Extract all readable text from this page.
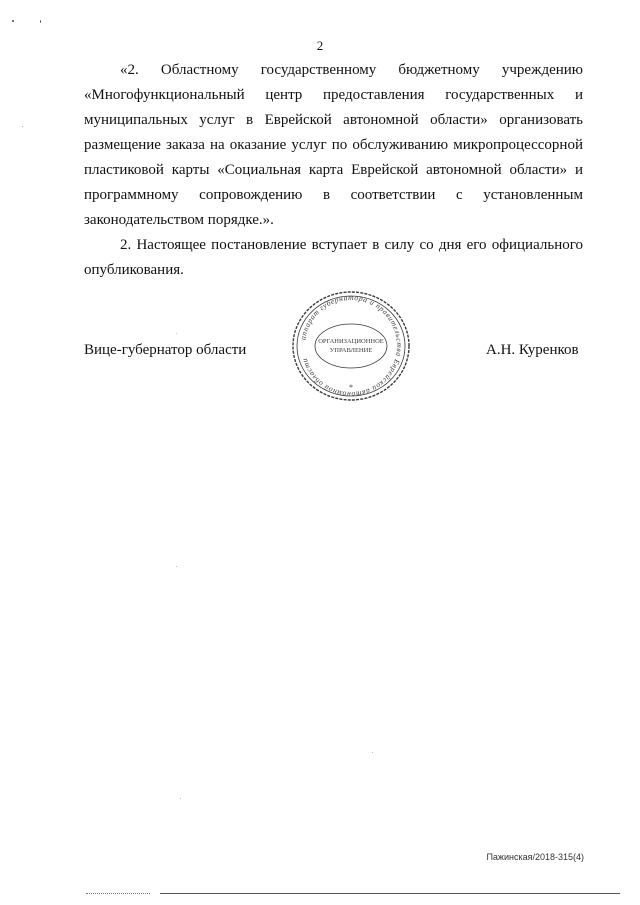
2

«2. Областному государственному бюджетному учреждению «Многофункциональный центр предоставления государственных и муниципальных услуг в Еврейской автономной области» организовать размещение заказа на оказание услуг по обслуживанию микропроцессорной пластиковой карты «Социальная карта Еврейской автономной области» и программному сопровождению в соответствии с установленным законодательством порядке.».

2. Настоящее постановление вступает в силу со дня его официального опубликования.

Вице-губернатор области
аппарат губернатора и правительства Еврейской автономной области
ОРГАНИЗАЦИОННОЕ
УПРАВЛЕНИЕ
*
А.Н. Куренков
Пажинская/2018-315(4)
